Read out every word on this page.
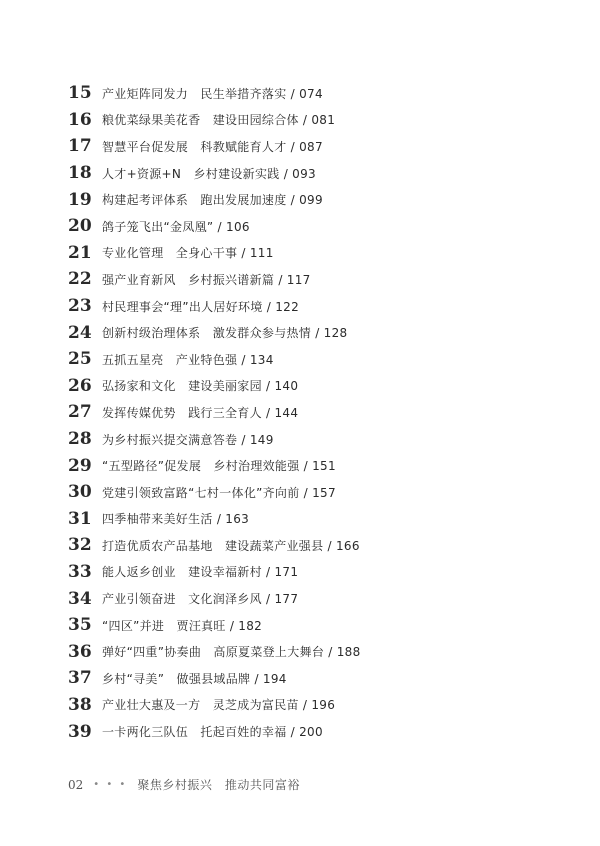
15 产业矩阵同发力　民生举措齐落实 / 074
16 粮优菜绿果美花香　建设田园综合体 / 081
17 智慧平台促发展　科教赋能育人才 / 087
18 人才+资源+N　乡村建设新实践 / 093
19 构建起考评体系　跑出发展加速度 / 099
20 鸽子笼飞出“金凤凰” / 106
21 专业化管理　全身心干事 / 111
22 强产业育新风　乡村振兴谱新篇 / 117
23 村民理事会“理”出人居好环境 / 122
24 创新村级治理体系　激发群众参与热情 / 128
25 五抓五星亮　产业特色强 / 134
26 弘扬家和文化　建设美丽家园 / 140
27 发挥传媒优势　践行三全育人 / 144
28 为乡村振兴提交满意答卷 / 149
29 “五型路径”促发展　乡村治理效能强 / 151
30 党建引领致富路“七村一体化”齐向前 / 157
31 四季柚带来美好生活 / 163
32 打造优质农产品基地　建设蔬菜产业强县 / 166
33 能人返乡创业　建设幸福新村 / 171
34 产业引领奋进　文化润泽乡风 / 177
35 “四区”并进　贾汪真旺 / 182
36 弹好“四重”协奏曲　高原夏菜登上大舞台 / 188
37 乡村“寻美”　做强县域品牌 / 194
38 产业壮大惠及一方　灵芝成为富民苗 / 196
39 一卡两化三队伍　托起百姓的幸福 / 200
02 • • • 聚焦乡村振兴　推动共同富裕
